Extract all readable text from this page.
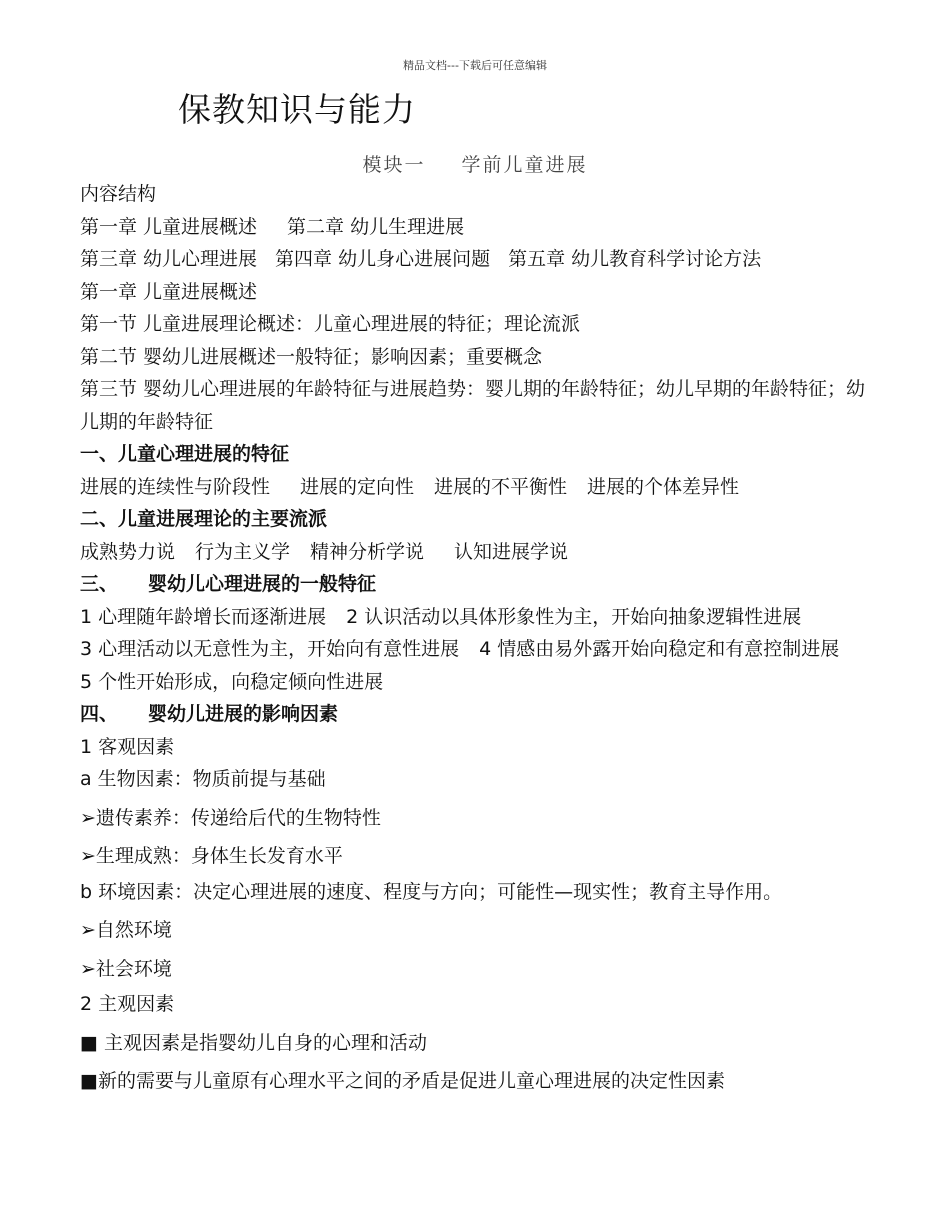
精品文档---下载后可任意编辑
保教知识与能力
模块一 学前儿童进展
内容结构
第一章 儿童进展概述 第二章 幼儿生理进展
第三章 幼儿心理进展 第四章 幼儿身心进展问题 第五章 幼儿教育科学讨论方法
第一章 儿童进展概述
第一节 儿童进展理论概述：儿童心理进展的特征；理论流派
第二节 婴幼儿进展概述一般特征；影响因素；重要概念
第三节 婴幼儿心理进展的年龄特征与进展趋势：婴儿期的年龄特征；幼儿早期的年龄特征；幼儿期的年龄特征
一、儿童心理进展的特征
进展的连续性与阶段性 进展的定向性 进展的不平衡性 进展的个体差异性
二、儿童进展理论的主要流派
成熟势力说 行为主义学 精神分析学说 认知进展学说
三、 婴幼儿心理进展的一般特征
1 心理随年龄增长而逐渐进展 2 认识活动以具体形象性为主，开始向抽象逻辑性进展
3 心理活动以无意性为主，开始向有意性进展 4 情感由易外露开始向稳定和有意控制进展
5 个性开始形成，向稳定倾向性进展
四、 婴幼儿进展的影响因素
1 客观因素
a 生物因素：物质前提与基础
➢遗传素养：传递给后代的生物特性
➢生理成熟：身体生长发育水平
b 环境因素：决定心理进展的速度、程度与方向；可能性—现实性；教育主导作用。
➢自然环境
➢社会环境
2 主观因素
■ 主观因素是指婴幼儿自身的心理和活动
■新的需要与儿童原有心理水平之间的矛盾是促进儿童心理进展的决定性因素
